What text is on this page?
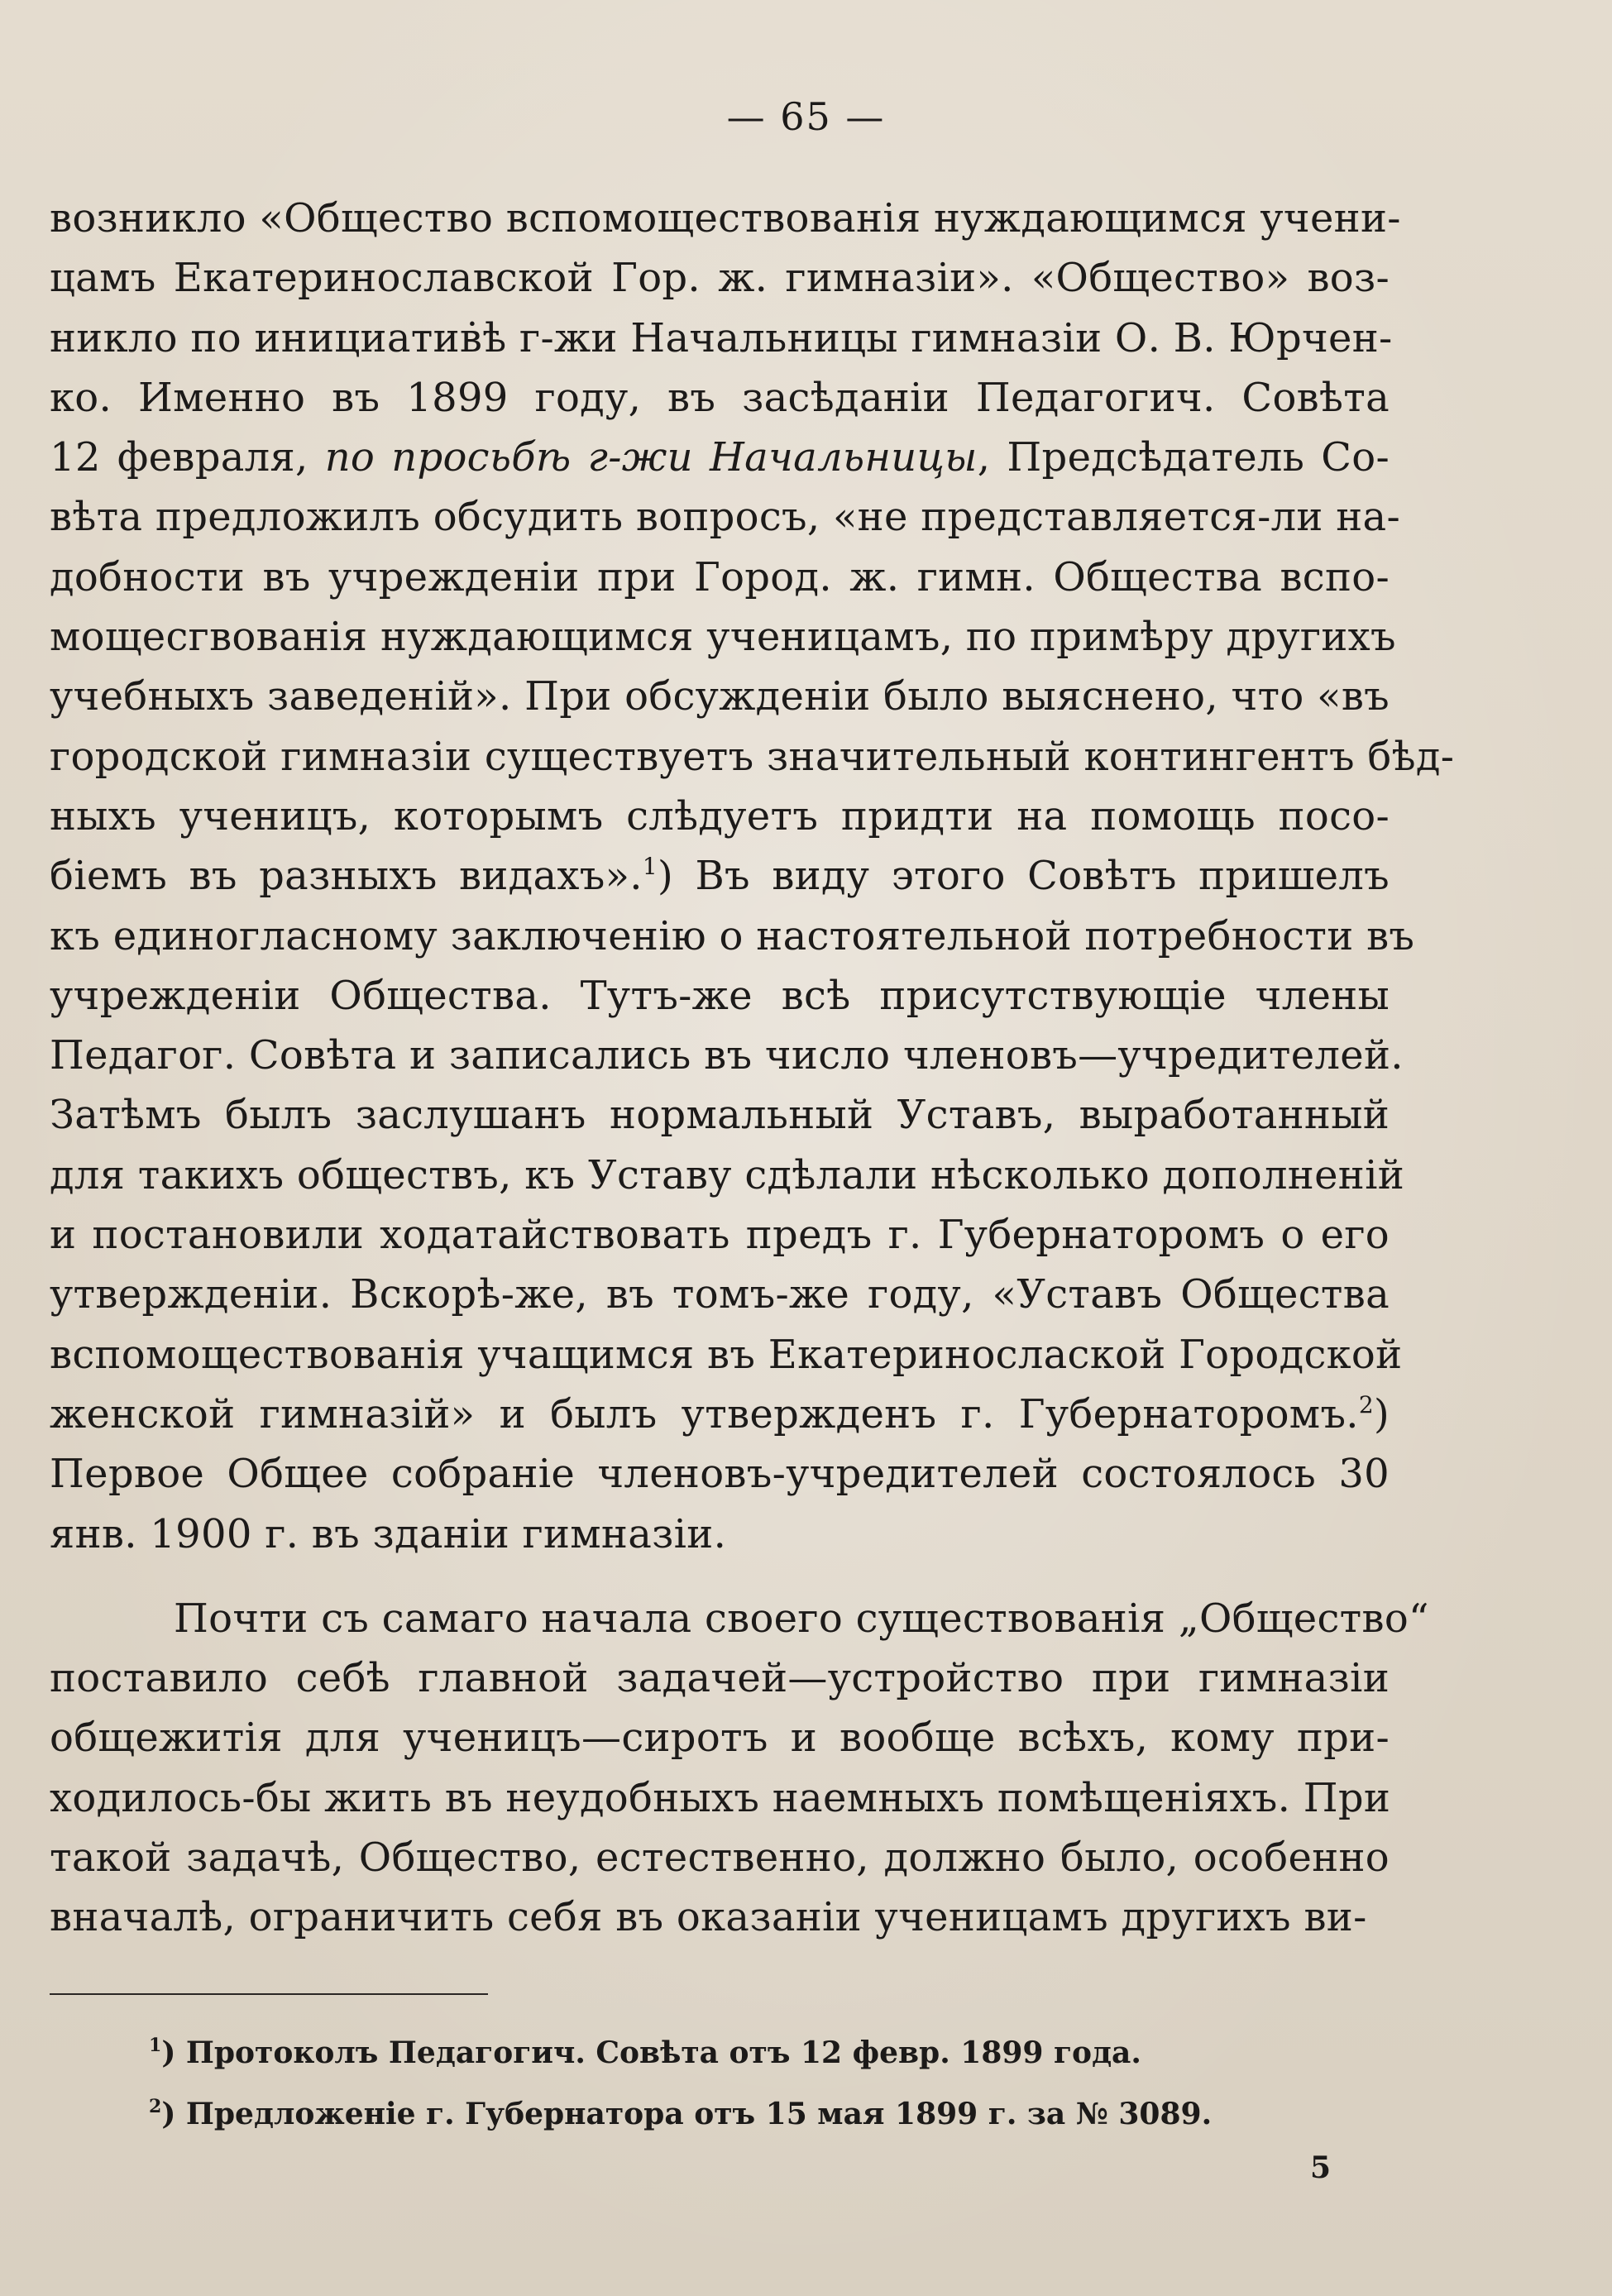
— 65 —
возникло «Общество вспомоществованія нуждающимся учени-
цамъ Екатеринославской Гор. ж. гимназіи». «Общество» воз-
никло по инициатив̇ѣ г-жи Начальницы гимназіи О. В. Юрчен-
ко. Именно въ 1899 году, въ засѣданіи Педагогич. Совѣта
12 февраля, по просьбѣ г-жи Начальницы, Предсѣдатель Со-
вѣта предложилъ обсудить вопросъ, «не представляется-ли на-
добности въ учрежденіи при Город. ж. гимн. Общества вспо-
мощесгвованія нуждающимся ученицамъ, по примѣру другихъ
учебныхъ заведеній». При обсужденіи было выяснено, что «въ
городской гимназіи существуетъ значительный контингентъ бѣд-
ныхъ ученицъ, которымъ слѣдуетъ придти на помощь посо-
біемъ въ разныхъ видахъ».$^1$) Въ виду этого Совѣтъ пришелъ
къ единогласному заключенію о настоятельной потребности въ
учрежденіи Общества. Тутъ-же всѣ присутствующіе члены
Педагог. Совѣта и записались въ число членовъ—учредителей.
Затѣмъ былъ заслушанъ нормальный Уставъ, выработанный
для такихъ обществъ, къ Уставу сдѣлали нѣсколько дополненій
и постановили ходатайствовать предъ г. Губернаторомъ о его
утвержденіи. Вскорѣ-же, въ томъ-же году, «Уставъ Общества
вспомоществованія учащимся въ Екатеринослаской Городской
женской гимназій» и былъ утвержденъ г. Губернаторомъ.$^2$)
Первое Общее собраніе членовъ-учредителей состоялось 30
янв. 1900 г. въ зданіи гимназіи.
Почти съ самаго начала своего существованія „Общество“
поставило себѣ главной задачей—устройство при гимназіи
общежитія для ученицъ—сиротъ и вообще всѣхъ, кому при-
ходилось-бы жить въ неудобныхъ наемныхъ помѣщеніяхъ. При
такой задачѣ, Общество, естественно, должно было, особенно
вначалѣ, ограничить себя въ оказаніи ученицамъ другихъ ви-
$^1$) Протоколъ Педагогич. Совѣта отъ 12 февр. 1899 года.
$^2$) Предложеніе г. Губернатора отъ 15 мая 1899 г. за № 3089.
5
